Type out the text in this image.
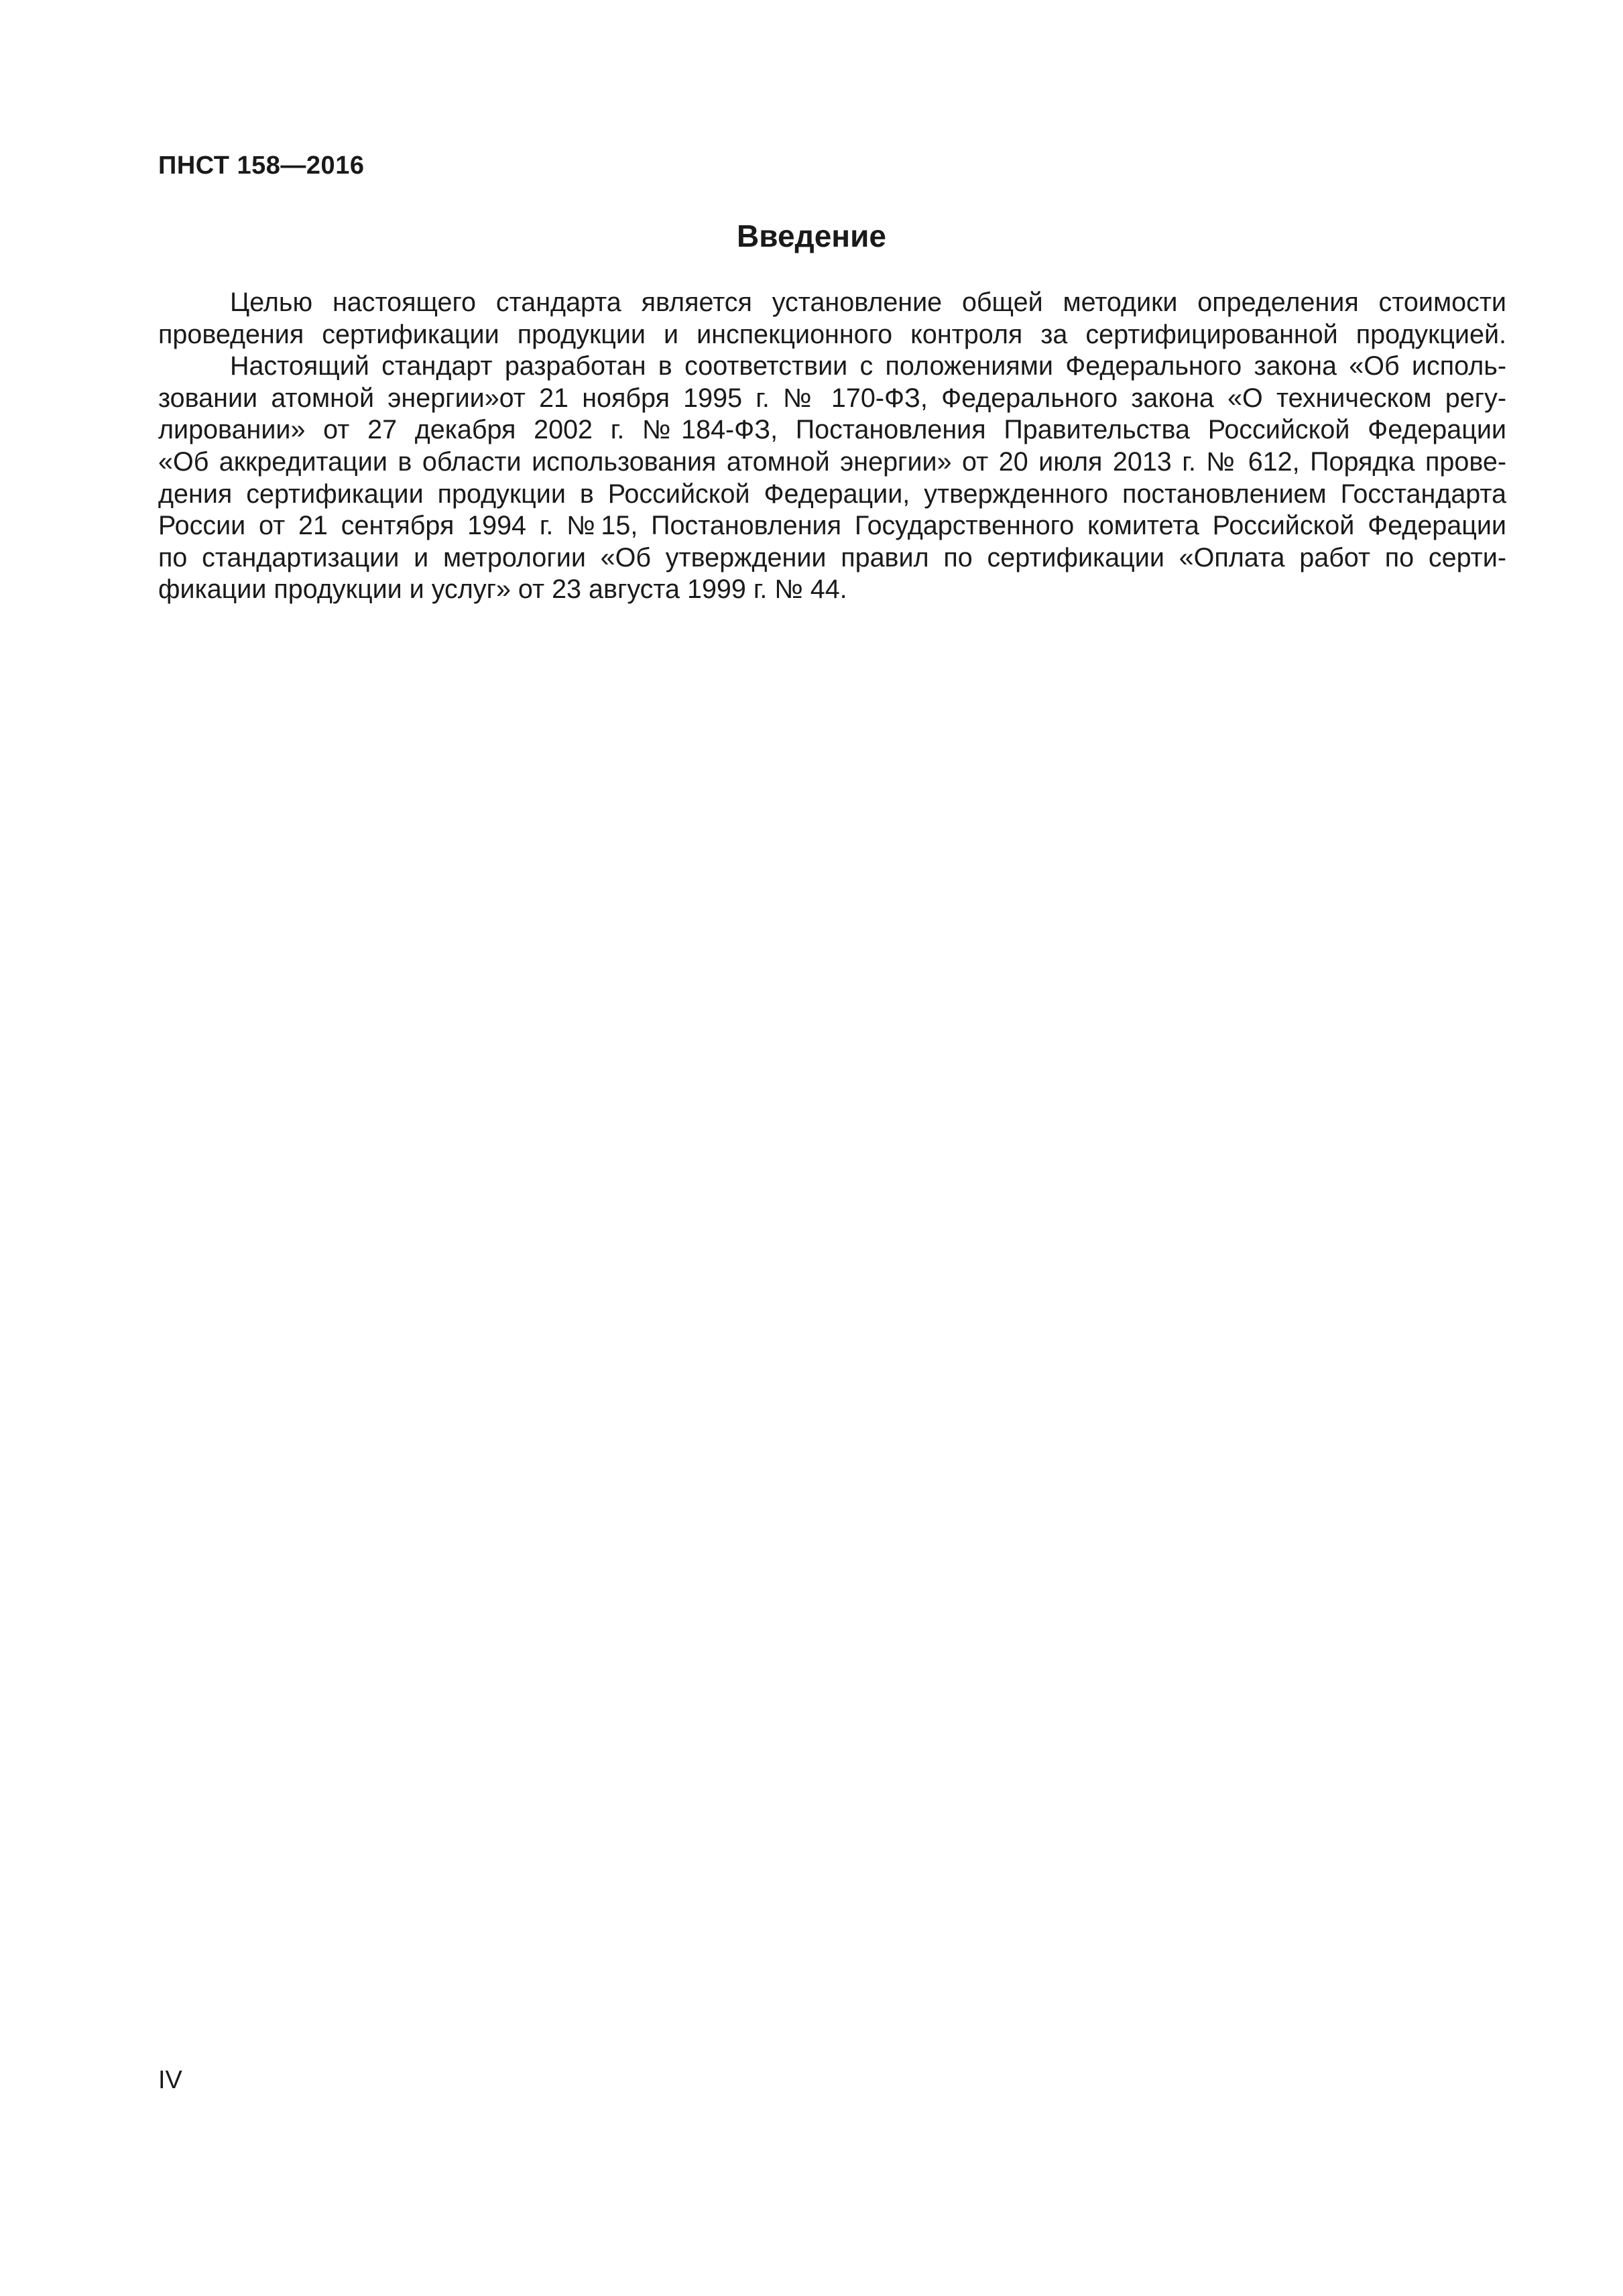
ПНСТ 158—2016
Введение
Целью настоящего стандарта является установление общей методики определения стоимости
проведения сертификации продукции и инспекционного контроля за сертифицированной продукцией.
Настоящий стандарт разработан в соответствии с положениями Федерального закона «Об исполь-
зовании атомной энергии»от 21 ноября 1995 г. № 170-ФЗ, Федерального закона «О техническом регу-
лировании» от 27 декабря 2002 г. №184-ФЗ, Постановления Правительства Российской Федерации
«Об аккредитации в области использования атомной энергии» от 20 июля 2013 г. № 612, Порядка прове-
дения сертификации продукции в Российской Федерации, утвержденного постановлением Госстандарта
России от 21 сентября 1994 г. №15, Постановления Государственного комитета Российской Федерации
по стандартизации и метрологии «Об утверждении правил по сертификации «Оплата работ по серти-
фикации продукции и услуг» от 23 августа 1999 г. № 44.
IV
